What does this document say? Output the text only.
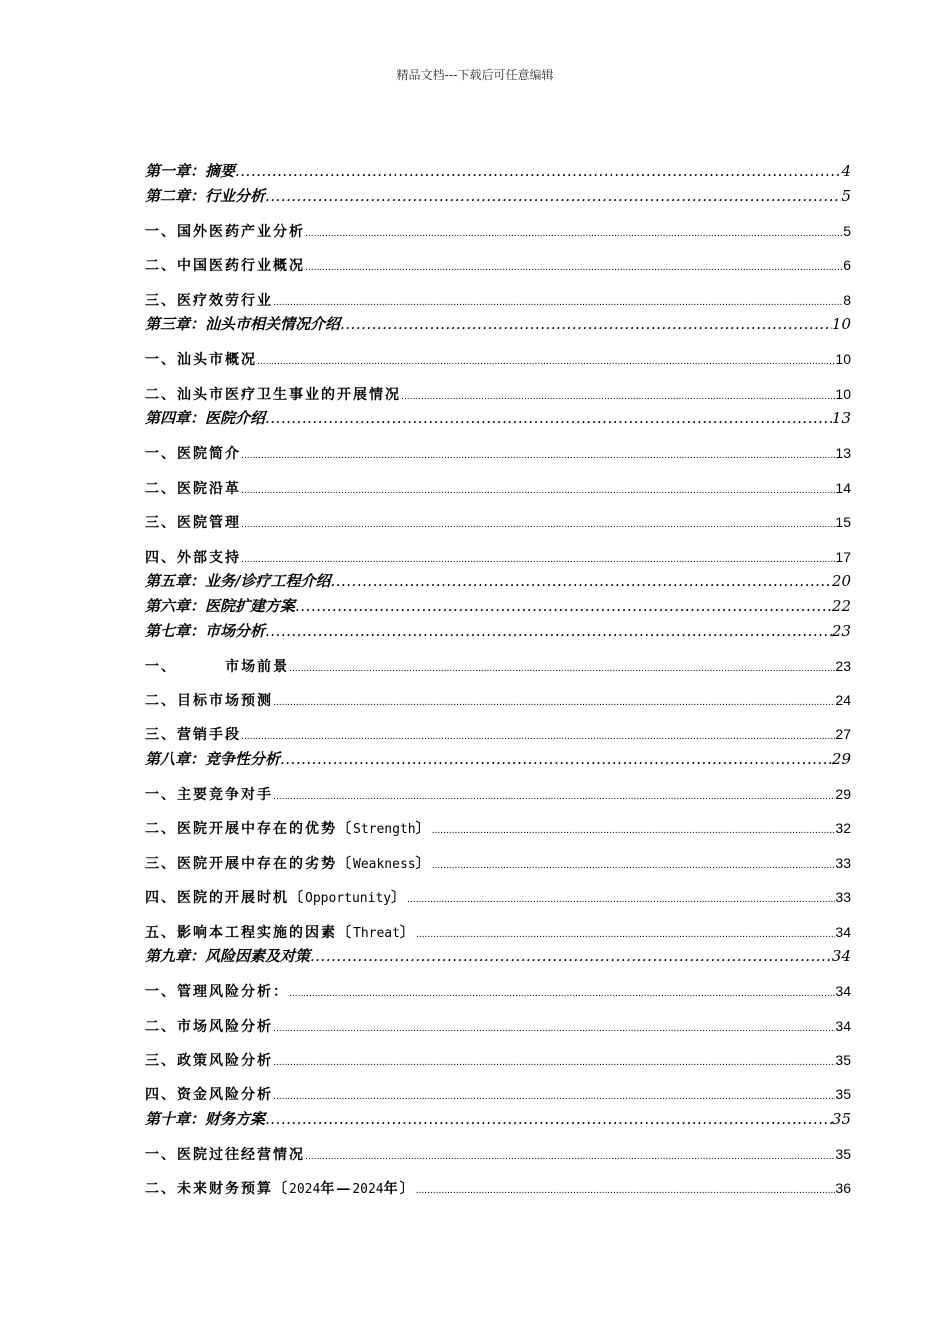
精品文档---下载后可任意编辑
第一章：摘要 .....	4
第二章：行业分析 .....	5
一、国外医药产业分析 .....	5
二、中国医药行业概况 .....	6
三、医疗效劳行业 .....	8
第三章：汕头市相关情况介绍 .....	10
一、汕头市概况 .....	10
二、汕头市医疗卫生事业的开展情况 .....	10
第四章：医院介绍 .....	13
一、医院简介 .....	13
二、医院沿革 .....	14
三、医院管理 .....	15
四、外部支持 .....	17
第五章：业务/诊疗工程介绍 .....	20
第六章：医院扩建方案 .....	22
第七章：市场分析 .....	23
一、       市场前景 .....	23
二、目标市场预测 .....	24
三、营销手段 .....	27
第八章：竞争性分析 .....	29
一、主要竞争对手 .....	29
二、医院开展中存在的优势〔Strength〕 .....	32
三、医院开展中存在的劣势〔Weakness〕 .....	33
四、医院的开展时机〔Opportunity〕 .....	33
五、影响本工程实施的因素〔Threat〕 .....	34
第九章：风险因素及对策 .....	34
一、管理风险分析： .....	34
二、市场风险分析 .....	34
三、政策风险分析 .....	35
四、资金风险分析 .....	35
第十章：财务方案 .....	35
一、医院过往经营情况 .....	35
二、未来财务预算〔2024年—2024年〕 .....	36
